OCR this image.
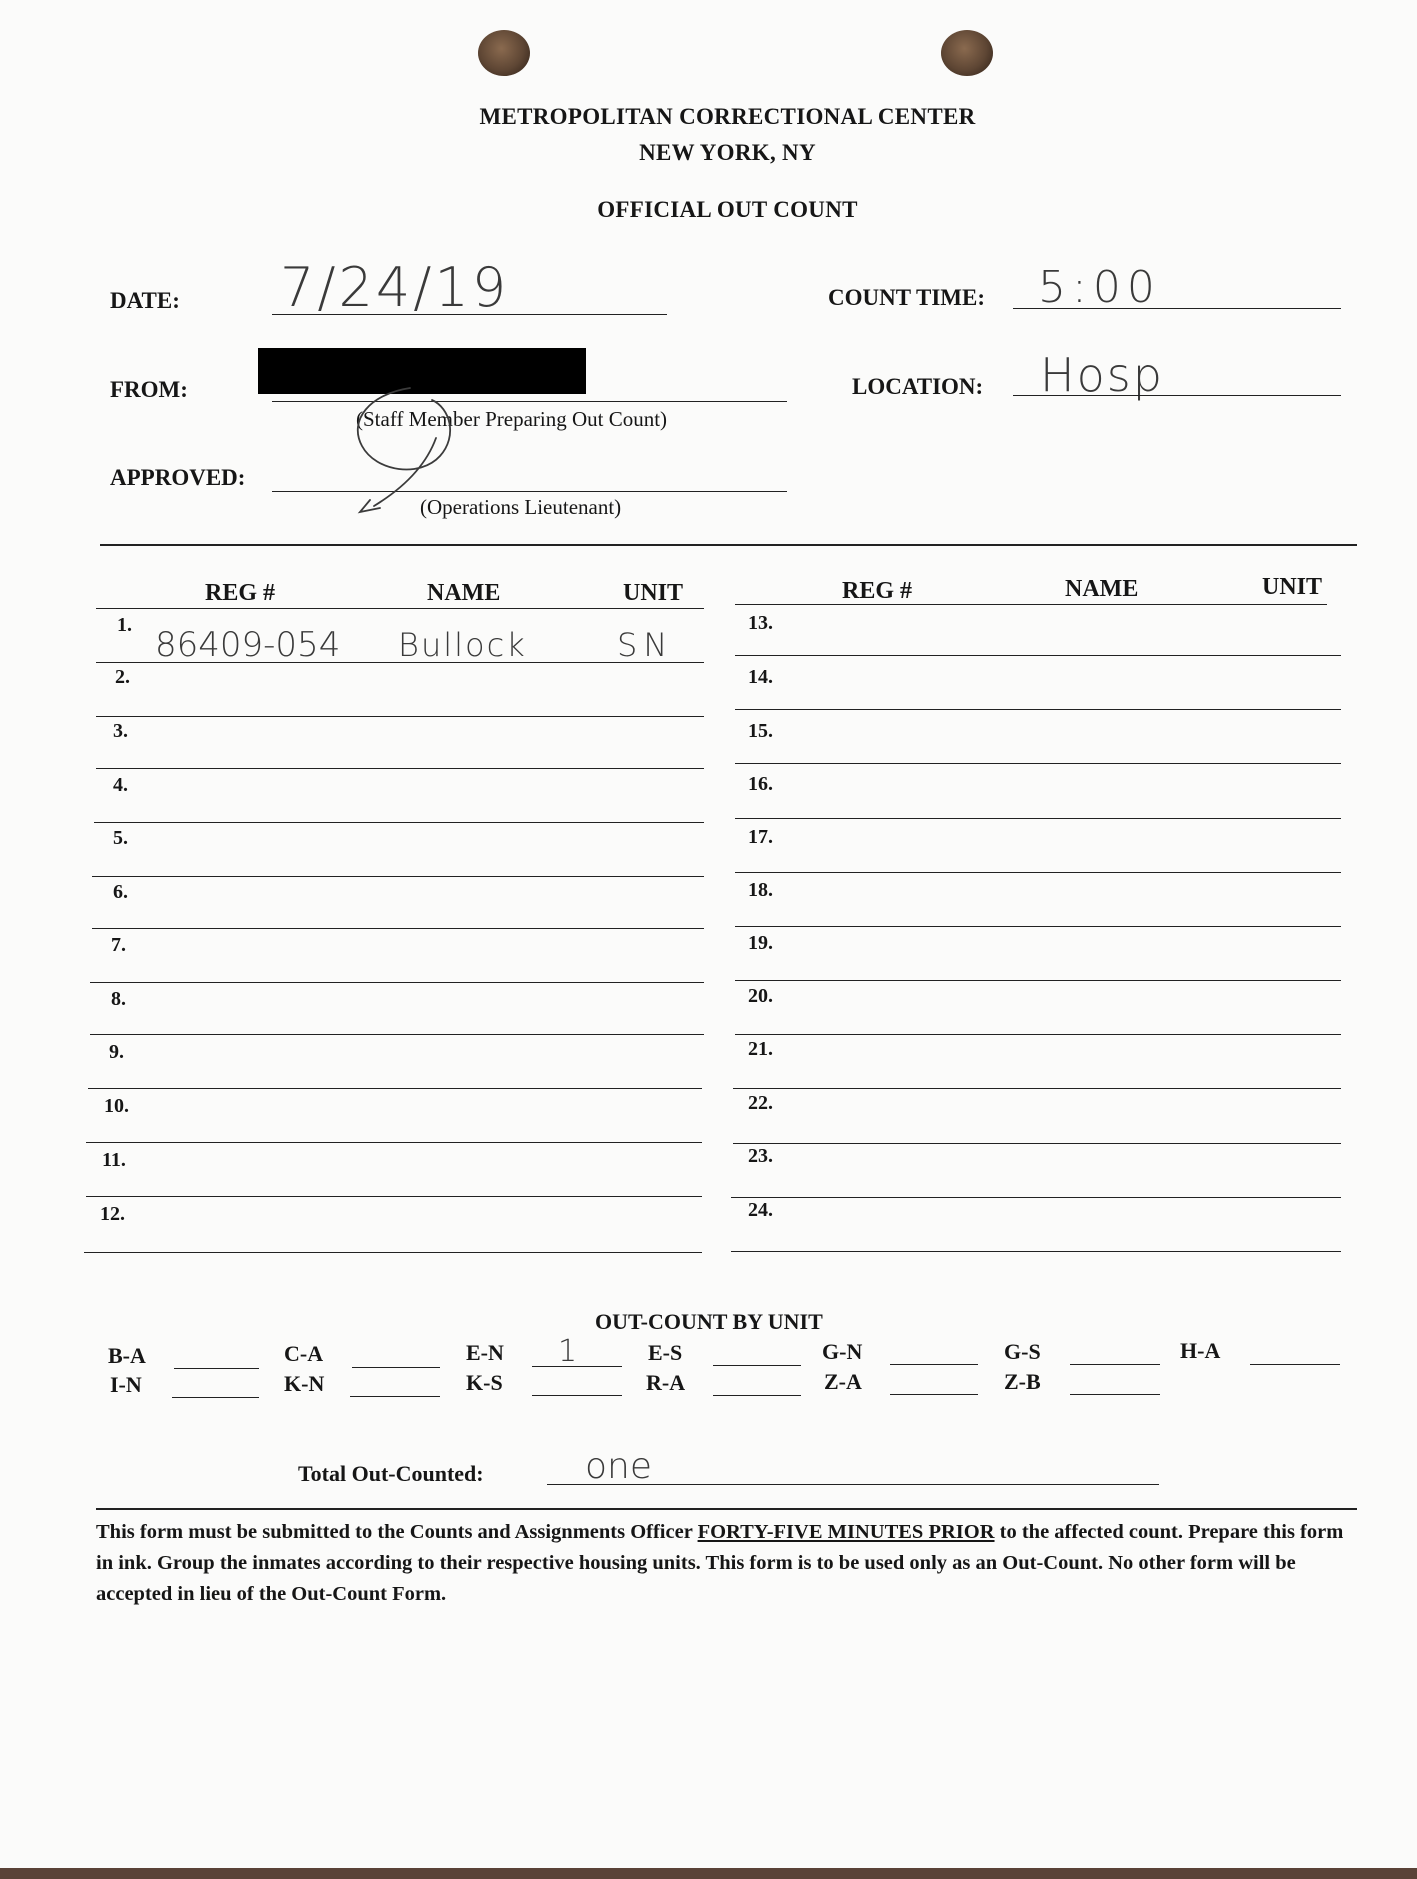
METROPOLITAN CORRECTIONAL CENTER
NEW YORK, NY
OFFICIAL OUT COUNT
DATE: 7/24/19	COUNT TIME: 5:00
FROM:
(Staff Member Preparing Out Count)
LOCATION: Hosp
APPROVED:
(Operations Lieutenant)
REG #	NAME	UNIT	REG #	NAME	UNIT
1. 86409-054 Bullock	SN
2.
3.
4.
5.
6.
7.
8.
9.
10.
11.
12.
13.
14.
15.
16.
17.
18.
19.
20.
21.
22.
23.
24.
OUT-COUNT BY UNIT
B-A	C-A	E-N 1	E-S	G-N	G-S	H-A
I-N	K-N	K-S	R-A	Z-A	Z-B
Total Out-Counted:	one
This form must be submitted to the Counts and Assignments Officer FORTY-FIVE MINUTES PRIOR to the affected count. Prepare this form in ink. Group the inmates according to their respective housing units. This form is to be used only as an Out-Count. No other form will be accepted in lieu of the Out-Count Form.
